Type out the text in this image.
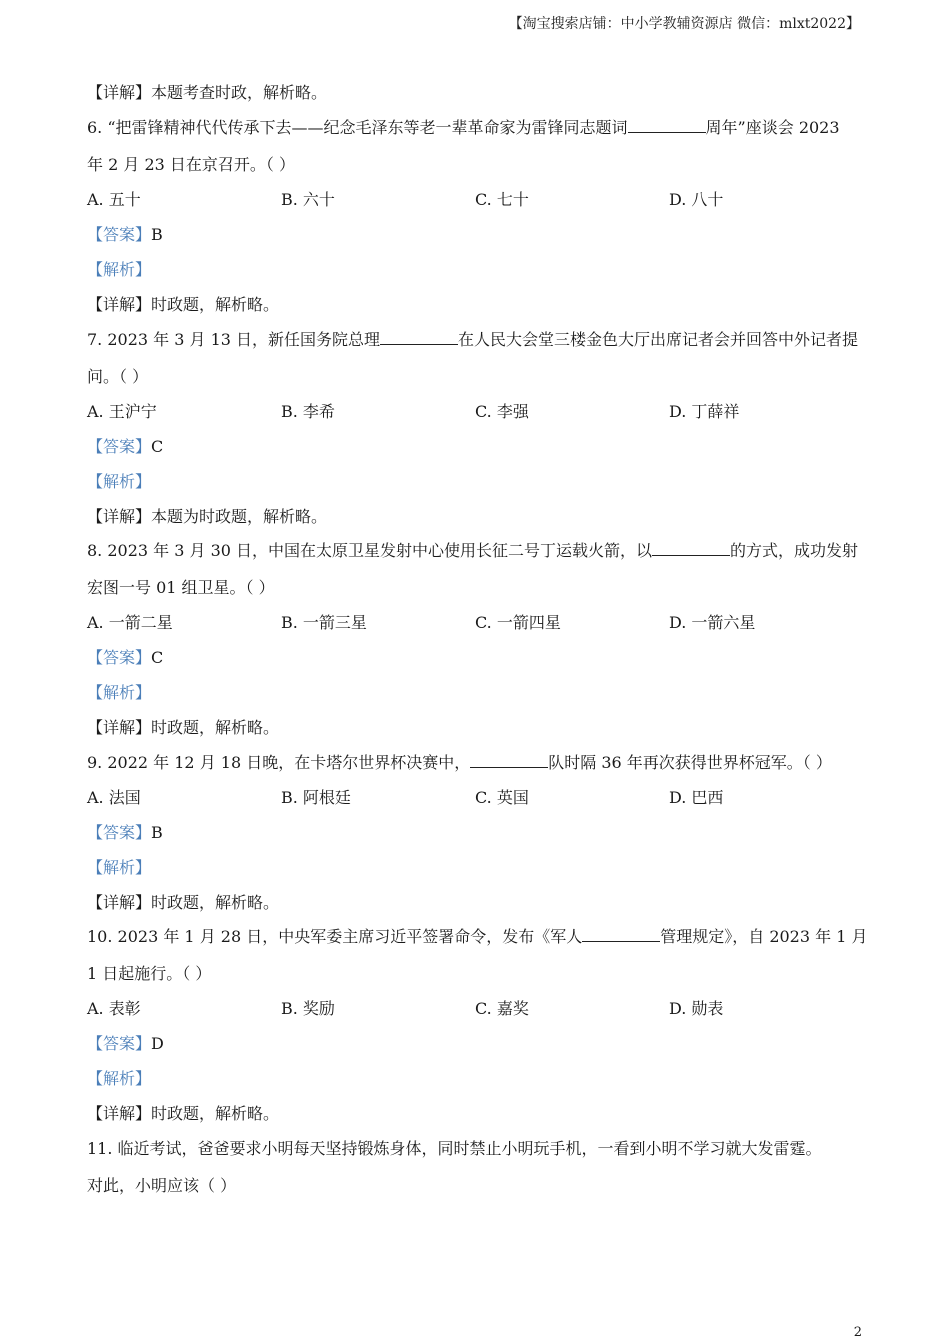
【淘宝搜索店铺：中小学教辅资源店 微信：mlxt2022】
【详解】本题考查时政，解析略。
6. “把雷锋精神代代传承下去——纪念毛泽东等老一辈革命家为雷锋同志题词	周年”座谈会 2023
年 2 月 23 日在京召开。（ ）
A. 五十	B. 六十	C. 七十	D. 八十
【答案】B
【解析】
【详解】时政题，解析略。
7. 2023 年 3 月 13 日，新任国务院总理	在人民大会堂三楼金色大厅出席记者会并回答中外记者提
问。（ ）
A. 王沪宁	B. 李希	C. 李强	D. 丁薛祥
【答案】C
【解析】
【详解】本题为时政题，解析略。
8. 2023 年 3 月 30 日，中国在太原卫星发射中心使用长征二号丁运载火箭，以	的方式，成功发射
宏图一号 01 组卫星。（ ）
A. 一箭二星	B. 一箭三星	C. 一箭四星	D. 一箭六星
【答案】C
【解析】
【详解】时政题，解析略。
9. 2022 年 12 月 18 日晚，在卡塔尔世界杯决赛中，	队时隔 36 年再次获得世界杯冠军。（ ）
A. 法国	B. 阿根廷	C. 英国	D. 巴西
【答案】B
【解析】
【详解】时政题，解析略。
10. 2023 年 1 月 28 日，中央军委主席习近平签署命令，发布《军人	管理规定》，自 2023 年 1 月
1 日起施行。（ ）
A. 表彰	B. 奖励	C. 嘉奖	D. 勋表
【答案】D
【解析】
【详解】时政题，解析略。
11. 临近考试，爸爸要求小明每天坚持锻炼身体，同时禁止小明玩手机，一看到小明不学习就大发雷霆。
对此，小明应该（ ）
2
